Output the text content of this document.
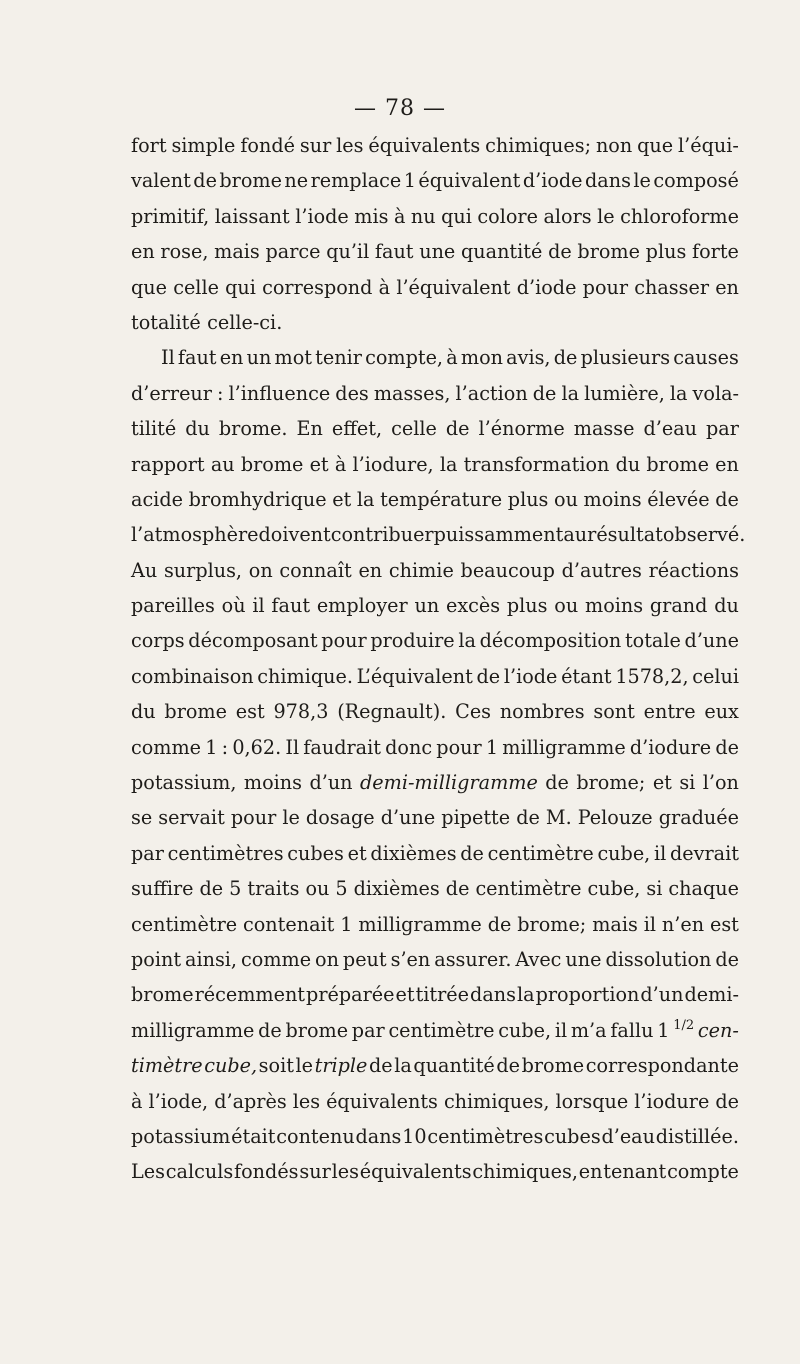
— 78 —
fort simple fondé sur les équivalents chimiques; non que l’équi-
valent de brome ne remplace 1 équivalent d’iode dans le composé
primitif, laissant l’iode mis à nu qui colore alors le chloroforme
en rose, mais parce qu’il faut une quantité de brome plus forte
que celle qui correspond à l’équivalent d’iode pour chasser en
totalité celle-ci.
Il faut en un mot tenir compte, à mon avis, de plusieurs causes
d’erreur : l’influence des masses, l’action de la lumière, la vola-
tilité du brome. En effet, celle de l’énorme masse d’eau par
rapport au brome et à l’iodure, la transformation du brome en
acide bromhydrique et la température plus ou moins élevée de
l’atmosphère doivent contribuer puissamment au résultat observé.
Au surplus, on connaît en chimie beaucoup d’autres réactions
pareilles où il faut employer un excès plus ou moins grand du
corps décomposant pour produire la décomposition totale d’une
combinaison chimique. L’équivalent de l’iode étant 1578,2, celui
du brome est 978,3 (Regnault). Ces nombres sont entre eux
comme 1 : 0,62. Il faudrait donc pour 1 milligramme d’iodure de
potassium, moins d’un demi-milligramme de brome; et si l’on
se servait pour le dosage d’une pipette de M. Pelouze graduée
par centimètres cubes et dixièmes de centimètre cube, il devrait
suffire de 5 traits ou 5 dixièmes de centimètre cube, si chaque
centimètre contenait 1 milligramme de brome; mais il n’en est
point ainsi, comme on peut s’en assurer. Avec une dissolution de
brome récemment préparée et titrée dans la proportion d’un demi-
milligramme de brome par centimètre cube, il m’a fallu 1 1/2 cen-
timètre cube, soit le triple de la quantité de brome correspondante
à l’iode, d’après les équivalents chimiques, lorsque l’iodure de
potassium était contenu dans 10 centimètres cubes d’eau distillée.
Les calculs fondés sur les équivalents chimiques, en tenant compte
